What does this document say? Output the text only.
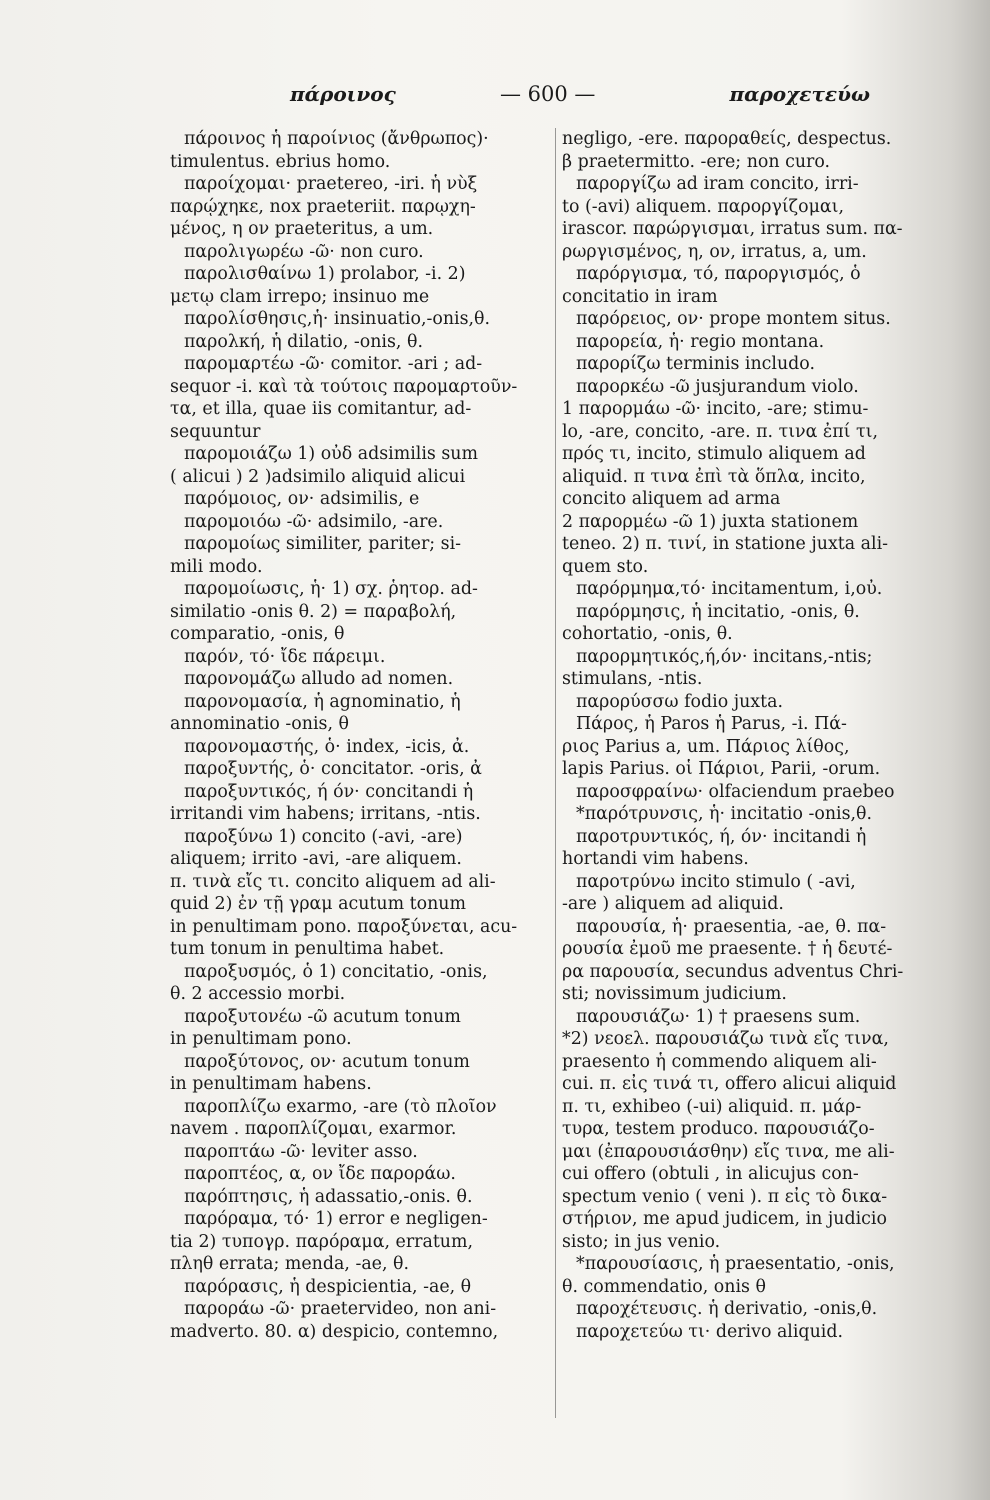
πάροινος	— 600 —	παροχετεύω
πάροινος ἡ παροίνιος (ἄνθρωπος)·
timulentus. ebrius homo.
παροίχομαι· praetereo, -iri. ἡ νὺξ
παρῴχηκε, nox praeteriit. παρῳχη-
μένος, η ον praeteritus, a um.
παρολιγωρέω -ῶ· non curo.
παρολισθαίνω 1) prolabor, -i. 2)
μετῳ clam irrepo; insinuo me
παρολίσθησις,ἡ· insinuatio,-onis,θ.
παρολκή, ἡ dilatio, -onis, θ.
παρομαρτέω -ῶ· comitor. -ari ; ad-
sequor -i. καὶ τὰ τούτοις παρομαρτοῦν-
τα, et illa, quae iis comitantur, ad-
sequuntur
παρομοιάζω 1) οὐδ adsimilis sum
( alicui ) 2 )adsimilo aliquid alicui
παρόμοιος, ον· adsimilis, e
παρομοιόω -ῶ· adsimilo, -are.
παρομοίως similiter, pariter; si-
mili modo.
παρομοίωσις, ἡ· 1) σχ. ῥητορ. ad-
similatio -onis θ. 2) = παραβολή,
comparatio, -onis, θ
παρόν, τό· ἴδε πάρειμι.
παρονομάζω alludo ad nomen.
παρονομασία, ἡ agnominatio, ἡ
annominatio -onis, θ
παρονομαστής, ὁ· index, -icis, ἀ.
παροξυντής, ὁ· concitator. -oris, ἀ
παροξυντικός, ή όν· concitandi ἡ
irritandi vim habens; irritans, -ntis.
παροξύνω 1) concito (-avi, -are)
aliquem; irrito -avi, -are aliquem.
π. τινὰ εἴς τι. concito aliquem ad ali-
quid 2) ἐν τῇ γραμ acutum tonum
in penultimam pono. παροξύνεται, acu-
tum tonum in penultima habet.
παροξυσμός, ὁ 1) concitatio, -onis,
θ. 2 accessio morbi.
παροξυτονέω -ῶ acutum tonum
in penultimam pono.
παροξύτονος, ον· acutum tonum
in penultimam habens.
παροπλίζω exarmo, -are (τὸ πλοῖον
navem . παροπλίζομαι, exarmor.
παροπτάω -ῶ· leviter asso.
παροπτέος, α, ον ἴδε παροράω.
παρόπτησις, ἡ adassatio,-onis. θ.
παρόραμα, τό· 1) error e negligen-
tia 2) τυπογρ. παρόραμα, erratum,
πληθ errata; menda, -ae, θ.
παρόρασις, ἡ despicientia, -ae, θ
παροράω -ῶ· praetervideo, non ani-
madverto. 80. α) despicio, contemno,
negligo, -ere. παροραθείς, despectus.
β praetermitto. -ere; non curo.
παροργίζω ad iram concito, irri-
to (-avi) aliquem. παροργίζομαι,
irascor. παρώργισμαι, irratus sum. πα-
ρωργισμένος, η, ον, irratus, a, um.
παρόργισμα, τό, παροργισμός, ὁ
concitatio in iram
παρόρειος, ον· prope montem situs.
παρορεία, ἡ· regio montana.
παρορίζω terminis includo.
παρορκέω -ῶ jusjurandum violo.
1 παρορμάω -ῶ· incito, -are; stimu-
lo, -are, concito, -are. π. τινα ἐπί τι,
πρός τι, incito, stimulo aliquem ad
aliquid. π τινα ἐπὶ τὰ ὅπλα, incito,
concito aliquem ad arma
2 παρορμέω -ῶ 1) juxta stationem
teneo. 2) π. τινί, in statione juxta ali-
quem sto.
παρόρμημα,τό· incitamentum, i,οὐ.
παρόρμησις, ἡ incitatio, -onis, θ.
cohortatio, -onis, θ.
παρορμητικός,ή,όν· incitans,-ntis;
stimulans, -ntis.
παρορύσσω fodio juxta.
Πάρος, ἡ Paros ἡ Parus, -i. Πά-
ριος Parius a, um. Πάριος λίθος,
lapis Parius. οἱ Πάριοι, Parii, -orum.
παροσφραίνω· olfaciendum praebeo
*παρότρυνσις, ἡ· incitatio -onis,θ.
παροτρυντικός, ή, όν· incitandi ἡ
hortandi vim habens.
παροτρύνω incito stimulo ( -avi,
-are ) aliquem ad aliquid.
παρουσία, ἡ· praesentia, -ae, θ. πα-
ρουσία ἐμοῦ me praesente. † ἡ δευτέ-
ρα παρουσία, secundus adventus Chri-
sti; novissimum judicium.
παρουσιάζω· 1) † praesens sum.
*2) νεοελ. παρουσιάζω τινὰ εἴς τινα,
praesento ἡ commendo aliquem ali-
cui. π. εἰς τινά τι, offero alicui aliquid
π. τι, exhibeo (-ui) aliquid. π. μάρ-
τυρα, testem produco. παρουσιάζο-
μαι (ἐπαρουσιάσθην) εἴς τινα, me ali-
cui offero (obtuli , in alicujus con-
spectum venio ( veni ). π εἰς τὸ δικα-
στήριον, me apud judicem, in judicio
sisto; in jus venio.
*παρουσίασις, ἡ praesentatio, -onis,
θ. commendatio, onis θ
παροχέτευσις. ἡ derivatio, -onis,θ.
παροχετεύω τι· derivo aliquid.
